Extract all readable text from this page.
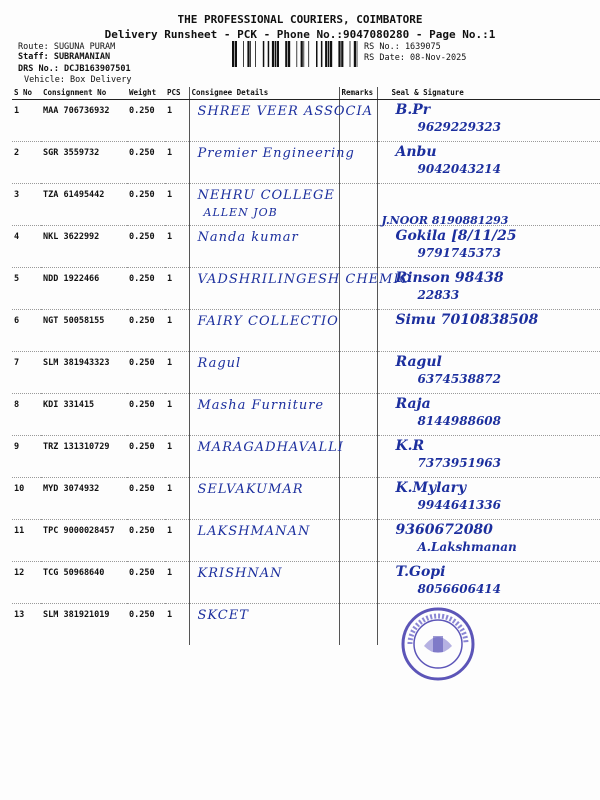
THE PROFESSIONAL COURIERS, COIMBATORE
Delivery Runsheet - PCK - Phone No.:9047080280 - Page No.:1
Route: SUGUNA PURAM
Staff: SUBRAMANIAN
DRS No.: DCJB163907501
Vehicle: Box Delivery
RS No.: 1639075
RS Date: 08-Nov-2025
S No	Consignment No	Weight	PCS	Consignee Details	Remarks	Seal & Signature
1	MAA 706736932	0.250	1	SHREE VEER ASSOCIA		B.Pr
9629229323

2	SGR 3559732	0.250	1	Premier Engineering		Anbu
9042043214

3	TZA 61495442	0.250	1	NEHRU COLLEGE
ALLEN JOB		J.NOOR 8190881293

4	NKL 3622992	0.250	1	Nanda kumar		Gokila [8/11/25
9791745373

5	NDD 1922466	0.250	1	VADSHRILINGESH CHEMIC		Rinson 98438
22833

6	NGT 50058155	0.250	1	FAIRY COLLECTIO		Simu 7010838508

7	SLM 381943323	0.250	1	Ragul		Ragul
6374538872

8	KDI 331415	0.250	1	Masha Furniture		Raja
8144988608

9	TRZ 131310729	0.250	1	MARAGADHAVALLI		K.R
7373951963

10	MYD 3074932	0.250	1	SELVAKUMAR		K.Mylary
9944641336

11	TPC 9000028457	0.250	1	LAKSHMANAN		9360672080
A.Lakshmanan

12	TCG 50968640	0.250	1	KRISHNAN		T.Gopi
8056606414

13	SLM 381921019	0.250	1	SKCET		
